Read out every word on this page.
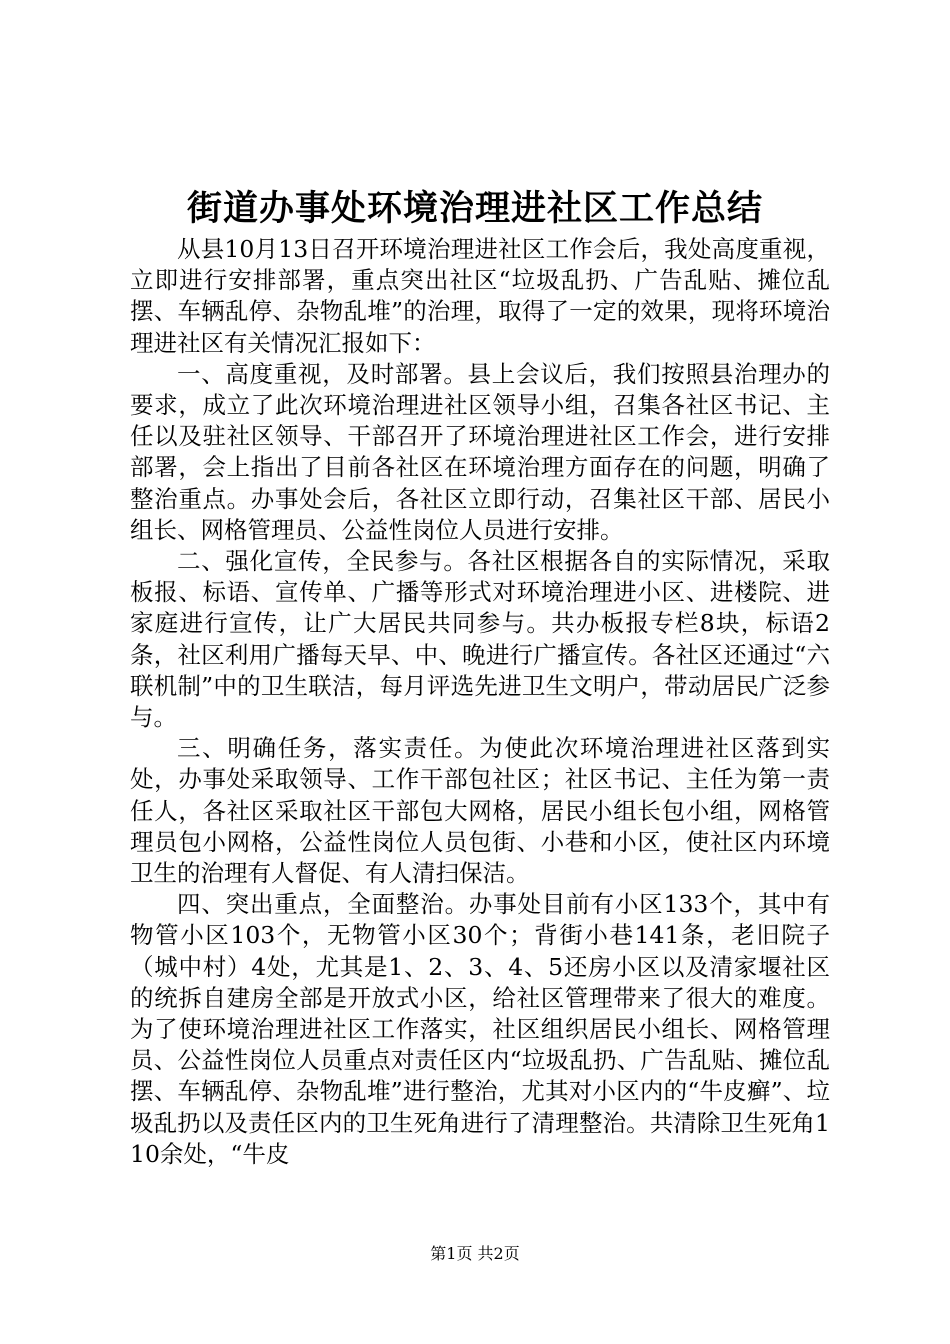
街道办事处环境治理进社区工作总结

从县10月13日召开环境治理进社区工作会后，我处高度重视，立即进行安排部署，重点突出社区“垃圾乱扔、广告乱贴、摊位乱摆、车辆乱停、杂物乱堆”的治理，取得了一定的效果，现将环境治理进社区有关情况汇报如下：

一、高度重视，及时部署。县上会议后，我们按照县治理办的要求，成立了此次环境治理进社区领导小组，召集各社区书记、主任以及驻社区领导、干部召开了环境治理进社区工作会，进行安排部署，会上指出了目前各社区在环境治理方面存在的问题，明确了整治重点。办事处会后，各社区立即行动，召集社区干部、居民小组长、网格管理员、公益性岗位人员进行安排。

二、强化宣传，全民参与。各社区根据各自的实际情况，采取板报、标语、宣传单、广播等形式对环境治理进小区、进楼院、进家庭进行宣传，让广大居民共同参与。共办板报专栏8块，标语2条，社区利用广播每天早、中、晚进行广播宣传。各社区还通过“六联机制”中的卫生联洁，每月评选先进卫生文明户，带动居民广泛参与。

三、明确任务，落实责任。为使此次环境治理进社区落到实处，办事处采取领导、工作干部包社区；社区书记、主任为第一责任人，各社区采取社区干部包大网格，居民小组长包小组，网格管理员包小网格，公益性岗位人员包街、小巷和小区，使社区内环境卫生的治理有人督促、有人清扫保洁。

四、突出重点，全面整治。办事处目前有小区133个，其中有物管小区103个，无物管小区30个；背街小巷141条，老旧院子（城中村）4处，尤其是1、2、3、4、5还房小区以及清家堰社区的统拆自建房全部是开放式小区，给社区管理带来了很大的难度。为了使环境治理进社区工作落实，社区组织居民小组长、网格管理员、公益性岗位人员重点对责任区内“垃圾乱扔、广告乱贴、摊位乱摆、车辆乱停、杂物乱堆”进行整治，尤其对小区内的“牛皮癣”、垃圾乱扔以及责任区内的卫生死角进行了清理整治。共清除卫生死角110余处，“牛皮

第1页 共2页
